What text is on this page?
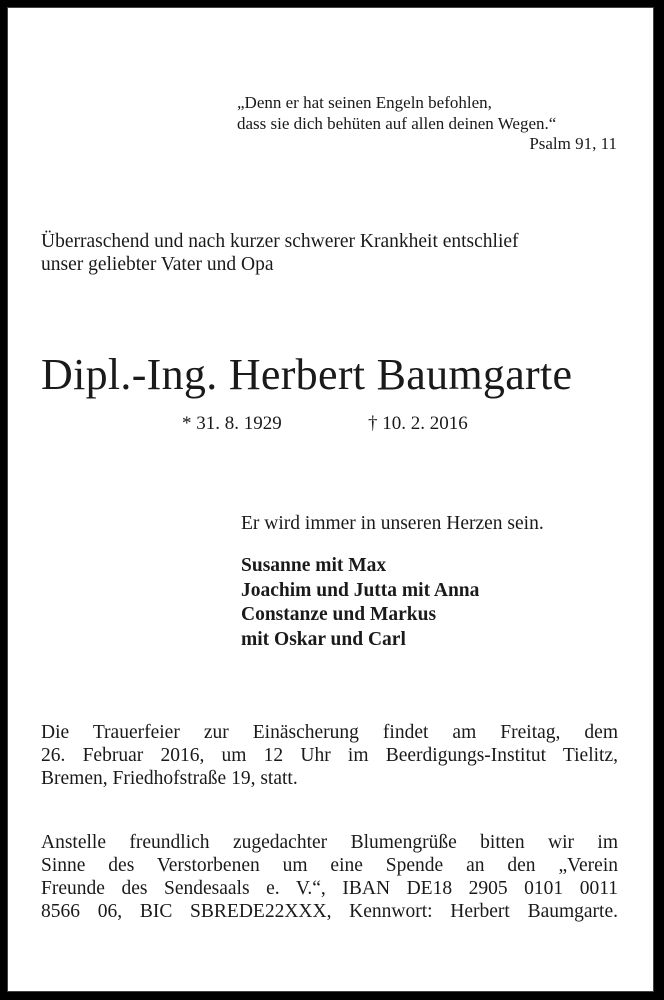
„Denn er hat seinen Engeln befohlen,
dass sie dich behüten auf allen deinen Wegen.“
Psalm 91, 11
Überraschend und nach kurzer schwerer Krankheit entschlief
unser geliebter Vater und Opa
Dipl.-Ing. Herbert Baumgarte
* 31. 8. 1929	† 10. 2. 2016
Er wird immer in unseren Herzen sein.
Susanne mit Max
Joachim und Jutta mit Anna
Constanze und Markus
mit Oskar und Carl
Die Trauerfeier zur Einäscherung findet am Freitag, dem
26. Februar 2016, um 12 Uhr im Beerdigungs-Institut Tielitz,
Bremen, Friedhofstraße 19, statt.
Anstelle freundlich zugedachter Blumengrüße bitten wir im
Sinne des Verstorbenen um eine Spende an den „Verein
Freunde des Sendesaals e. V.“, IBAN DE18 2905 0101 0011
8566 06, BIC SBREDE22XXX, Kennwort: Herbert Baumgarte.
